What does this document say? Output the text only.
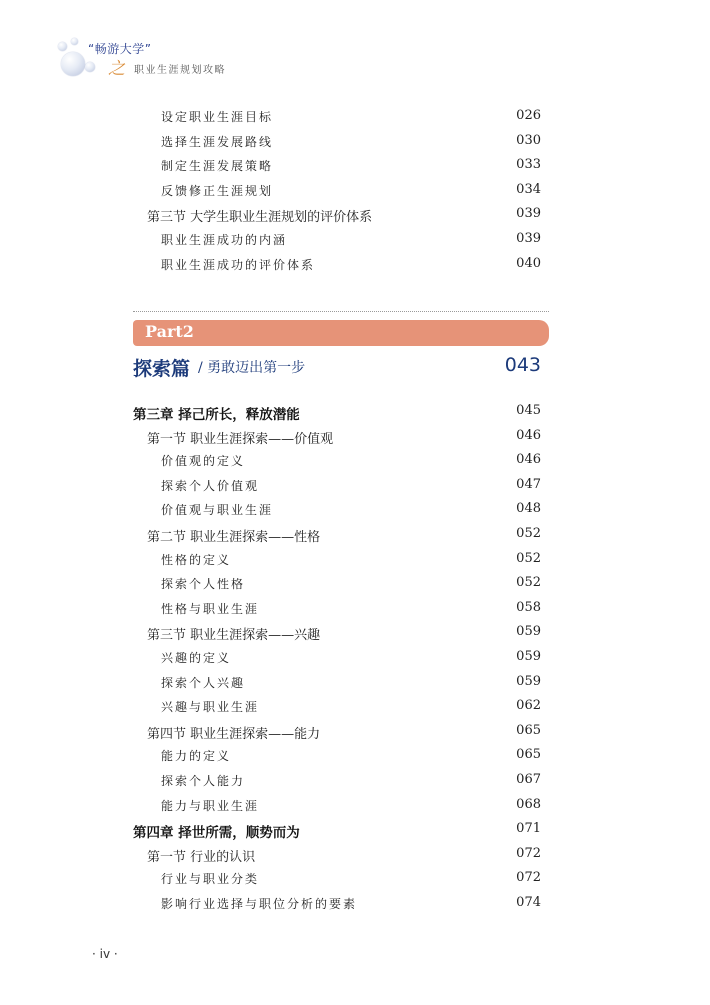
“畅游大学”
之 职业生涯规划攻略
设定职业生涯目标	026
选择生涯发展路线	030
制定生涯发展策略	033
反馈修正生涯规划	034
第三节 大学生职业生涯规划的评价体系	039
职业生涯成功的内涵	039
职业生涯成功的评价体系	040
Part2
探索篇 / 勇敢迈出第一步	043
第三章 择己所长，释放潜能	045
第一节 职业生涯探索——价值观	046
价值观的定义	046
探索个人价值观	047
价值观与职业生涯	048
第二节 职业生涯探索——性格	052
性格的定义	052
探索个人性格	052
性格与职业生涯	058
第三节 职业生涯探索——兴趣	059
兴趣的定义	059
探索个人兴趣	059
兴趣与职业生涯	062
第四节 职业生涯探索——能力	065
能力的定义	065
探索个人能力	067
能力与职业生涯	068
第四章 择世所需，顺势而为	071
第一节 行业的认识	072
行业与职业分类	072
影响行业选择与职位分析的要素	074
· iv ·
